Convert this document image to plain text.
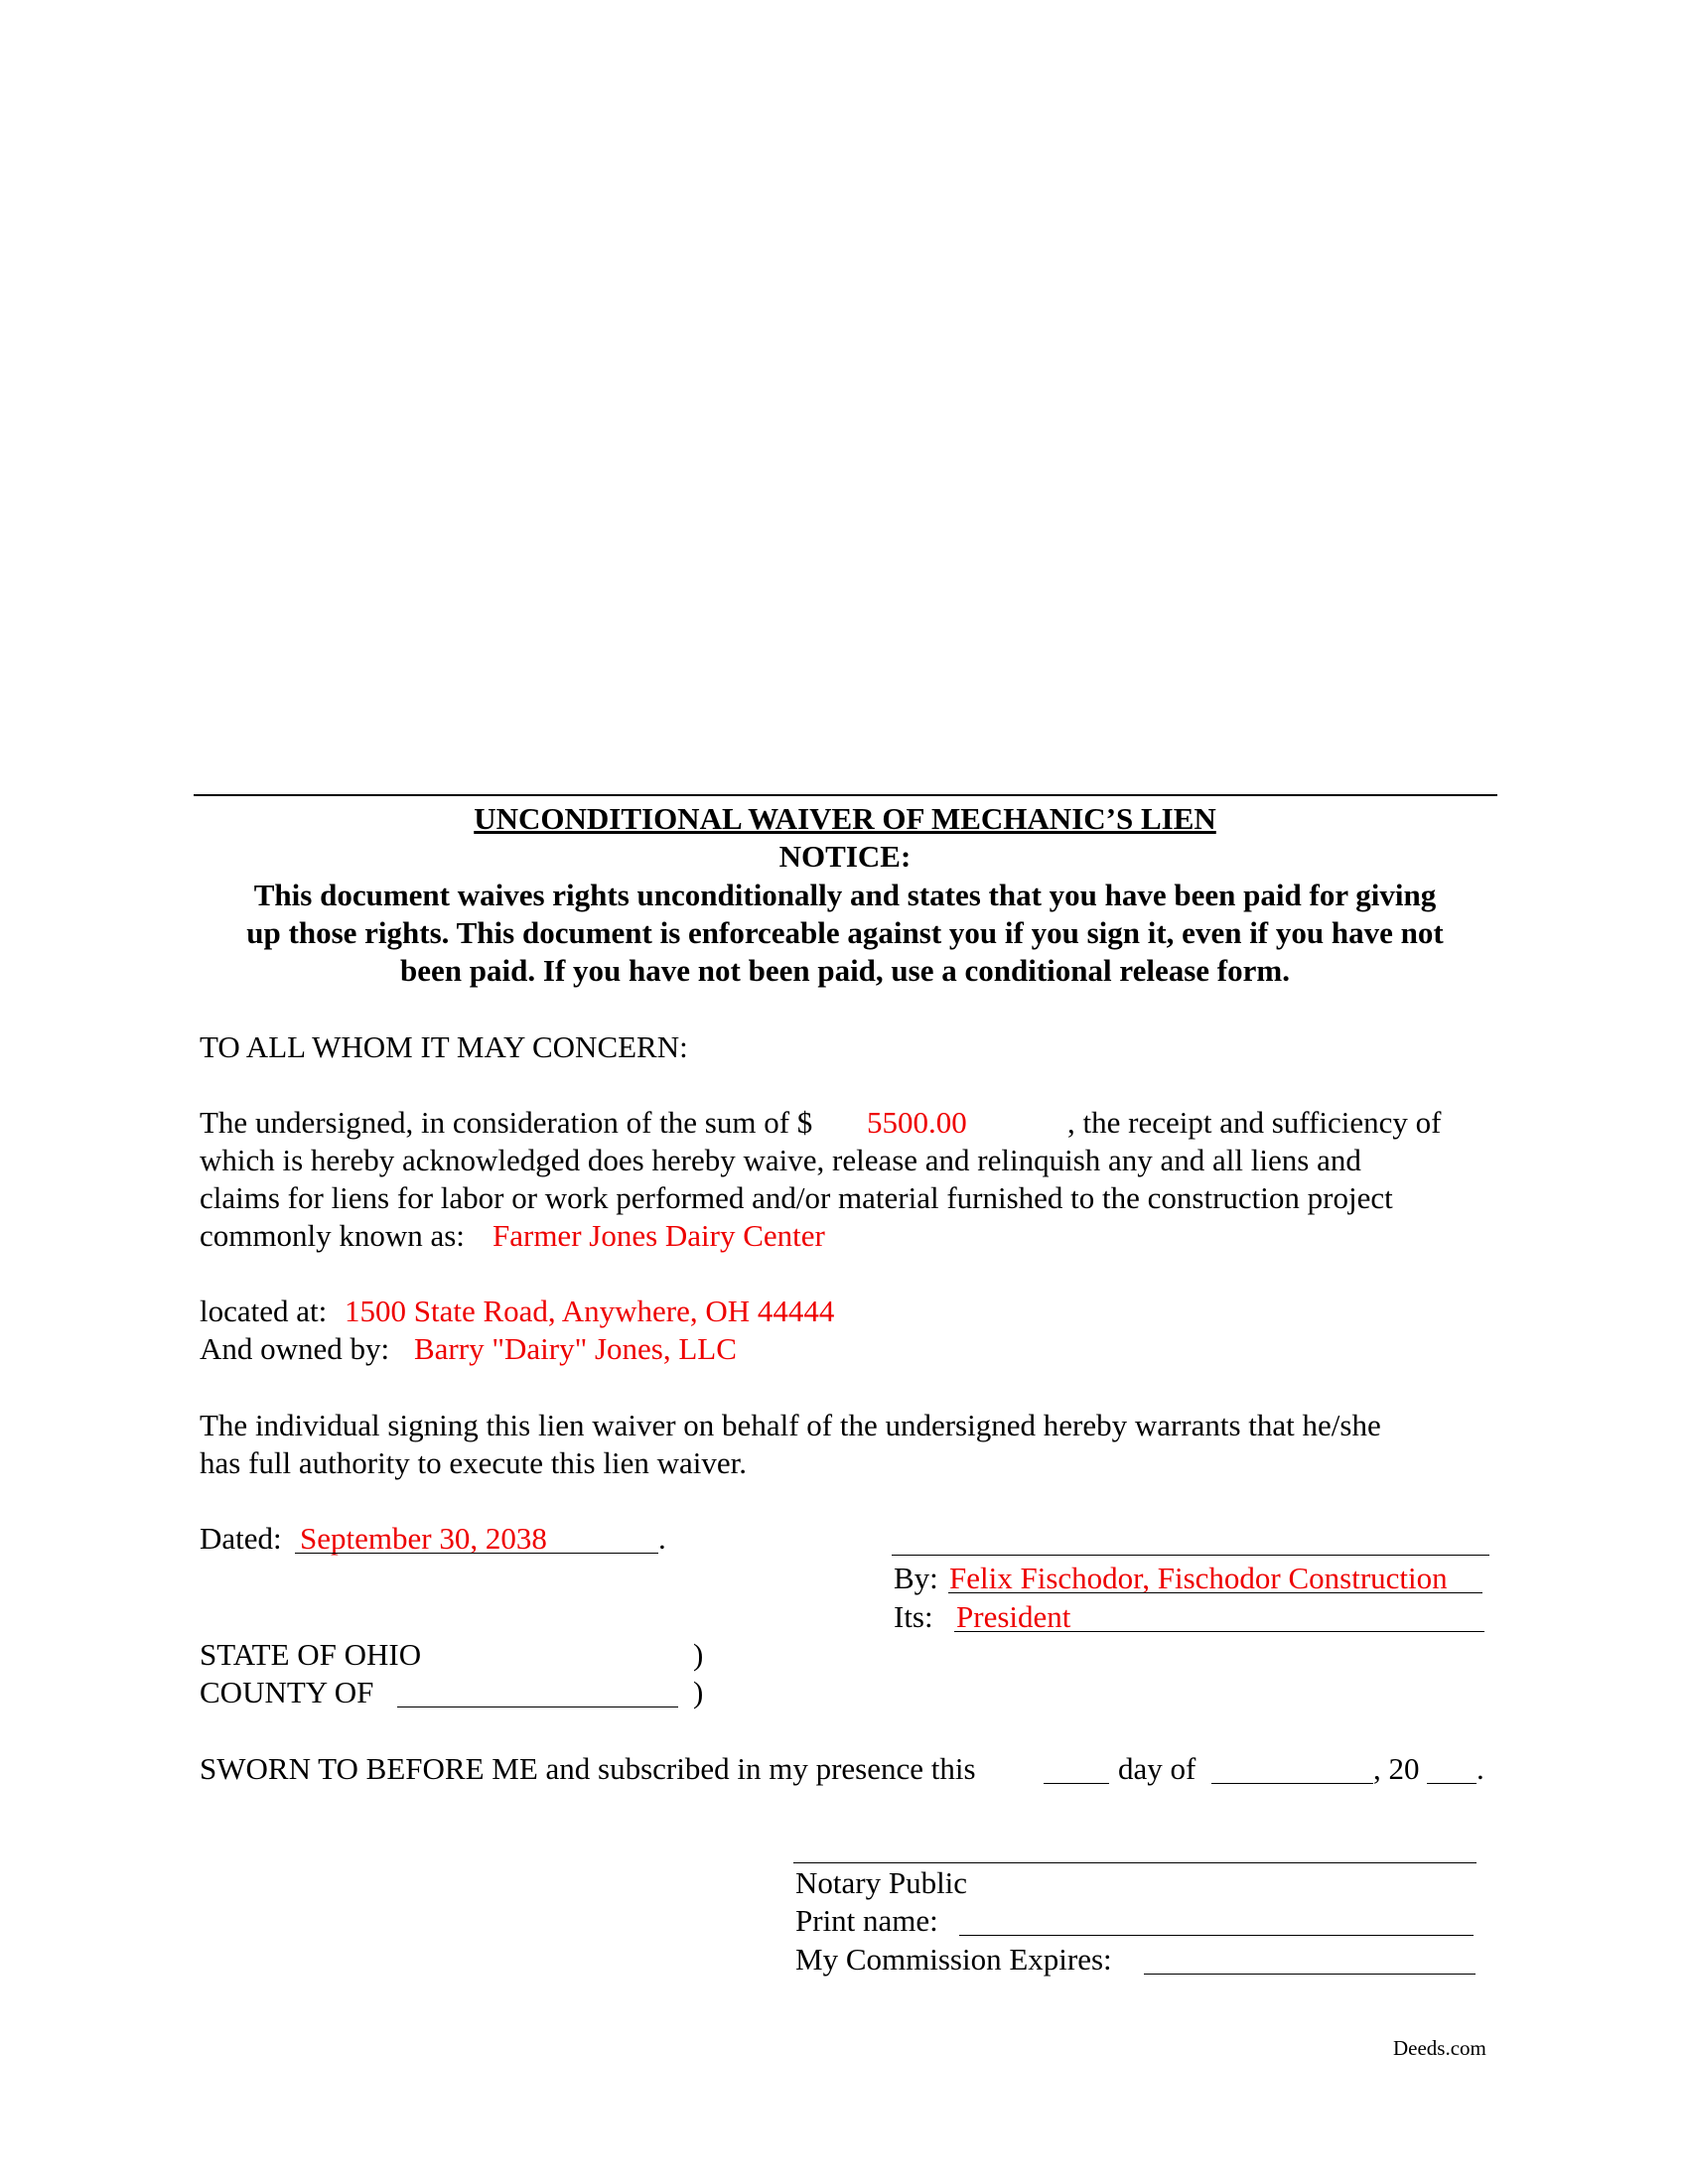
UNCONDITIONAL WAIVER OF MECHANIC’S LIEN
NOTICE:
This document waives rights unconditionally and states that you have been paid for giving
up those rights. This document is enforceable against you if you sign it, even if you have not
been paid. If you have not been paid, use a conditional release form.
TO ALL WHOM IT MAY CONCERN:
The undersigned, in consideration of the sum of $ 5500.00	, the receipt and sufficiency of
which is hereby acknowledged does hereby waive, release and relinquish any and all liens and
claims for liens for labor or work performed and/or material furnished to the construction project
commonly known as: Farmer Jones Dairy Center
located at: 1500 State Road, Anywhere, OH 44444
And owned by: Barry "Dairy" Jones, LLC
The individual signing this lien waiver on behalf of the undersigned hereby warrants that he/she
has full authority to execute this lien waiver.
Dated: September 30, 2038	.
By: Felix Fischodor, Fischodor Construction
Its: President
STATE OF OHIO	)
COUNTY OF	)
SWORN TO BEFORE ME and subscribed in my presence this	day of	, 20 .
Notary Public
Print name:
My Commission Expires:
Deeds.com
